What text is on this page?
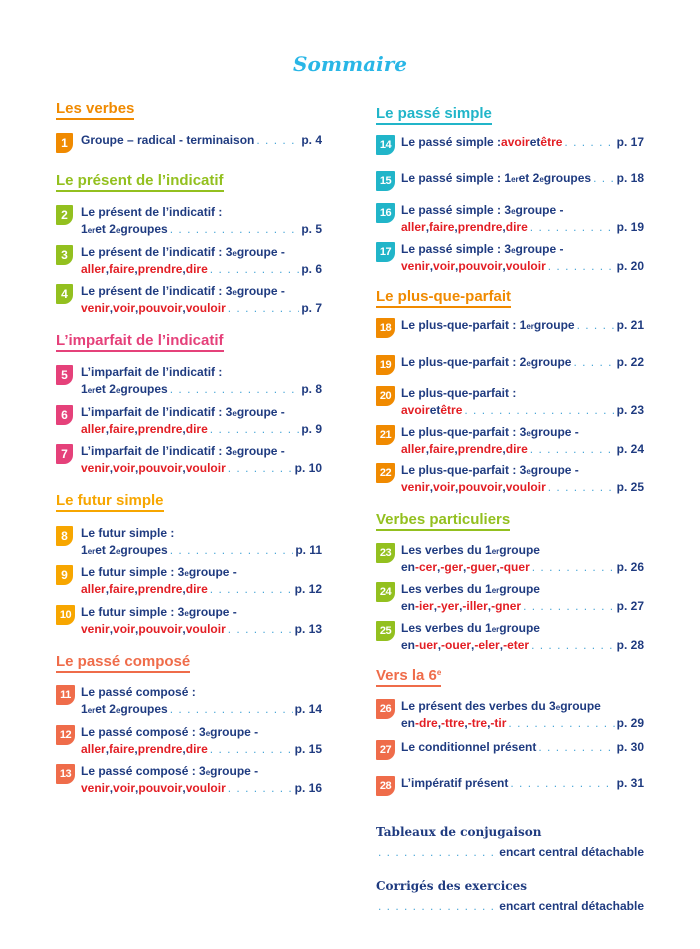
Sommaire
Les verbes
Le présent de l’indicatif
L’imparfait de l’indicatif
Le futur simple
Le passé composé
Le passé simple
Le plus-que-parfait
Verbes particuliers
Vers la 6e
1	Groupe – radical - terminaison . . .	p. 4
2	Le présent de l’indicatif :
1 er et 2 e groupes . . .	p. 5
3	Le présent de l’indicatif : 3 e groupe -
aller , faire , prendre , dire . . .	p. 6
4	Le présent de l’indicatif : 3 e groupe -
venir , voir , pouvoir , vouloir . . .	p. 7
5	L’imparfait de l’indicatif :
1 er et 2 e groupes . . .	p. 8
6	L’imparfait de l’indicatif : 3 e groupe -
aller , faire , prendre , dire . . .	p. 9
7	L’imparfait de l’indicatif : 3 e groupe -
venir , voir , pouvoir , vouloir . . .	p. 10
8	Le futur simple :
1 er et 2 e groupes . . .	p. 11
9	Le futur simple : 3 e groupe -
aller , faire , prendre , dire . . .	p. 12
10 Le futur simple : 3 e groupe -
venir , voir , pouvoir , vouloir . . .	p. 13
11 Le passé composé :
1 er et 2 e groupes . . .	p. 14
12 Le passé composé : 3 e groupe -
aller , faire , prendre , dire . . .	p. 15
13 Le passé composé : 3 e groupe -
venir , voir , pouvoir , vouloir . . .	p. 16
14 Le passé simple : avoir et être . . .	p. 17
15 Le passé simple : 1 er et 2 e groupes . . . p. 18
16 Le passé simple : 3 e groupe -
aller , faire , prendre , dire . . .	p. 19
17 Le passé simple : 3 e groupe -
venir , voir , pouvoir , vouloir . . .	p. 20
18 Le plus-que-parfait : 1 er groupe . . .	p. 21
19 Le plus-que-parfait : 2 e groupe . . .	p. 22
20 Le plus-que-parfait :
avoir et être . . .	p. 23
21 Le plus-que-parfait : 3 e groupe -
aller , faire , prendre , dire . . .	p. 24
22 Le plus-que-parfait : 3 e groupe -
venir , voir , pouvoir , vouloir . . .	p. 25
23 Les verbes du 1 er groupe
en -cer , -ger , -guer , -quer . . .	p. 26
24 Les verbes du 1 er groupe
en -ier , -yer , -iller , -gner . . .	p. 27
25 Les verbes du 1 er groupe
en -uer , -ouer , -eler , -eter . . .	p. 28
26 Le présent des verbes du 3 e groupe
en -dre , -ttre , -tre , -tir . . .	p. 29
27 Le conditionnel présent . . .	p. 30
28 L’impératif présent . . .	p. 31
Tableaux de conjugaison
. . .
encart central détachable
Corrigés des exercices
. . .
encart central détachable
